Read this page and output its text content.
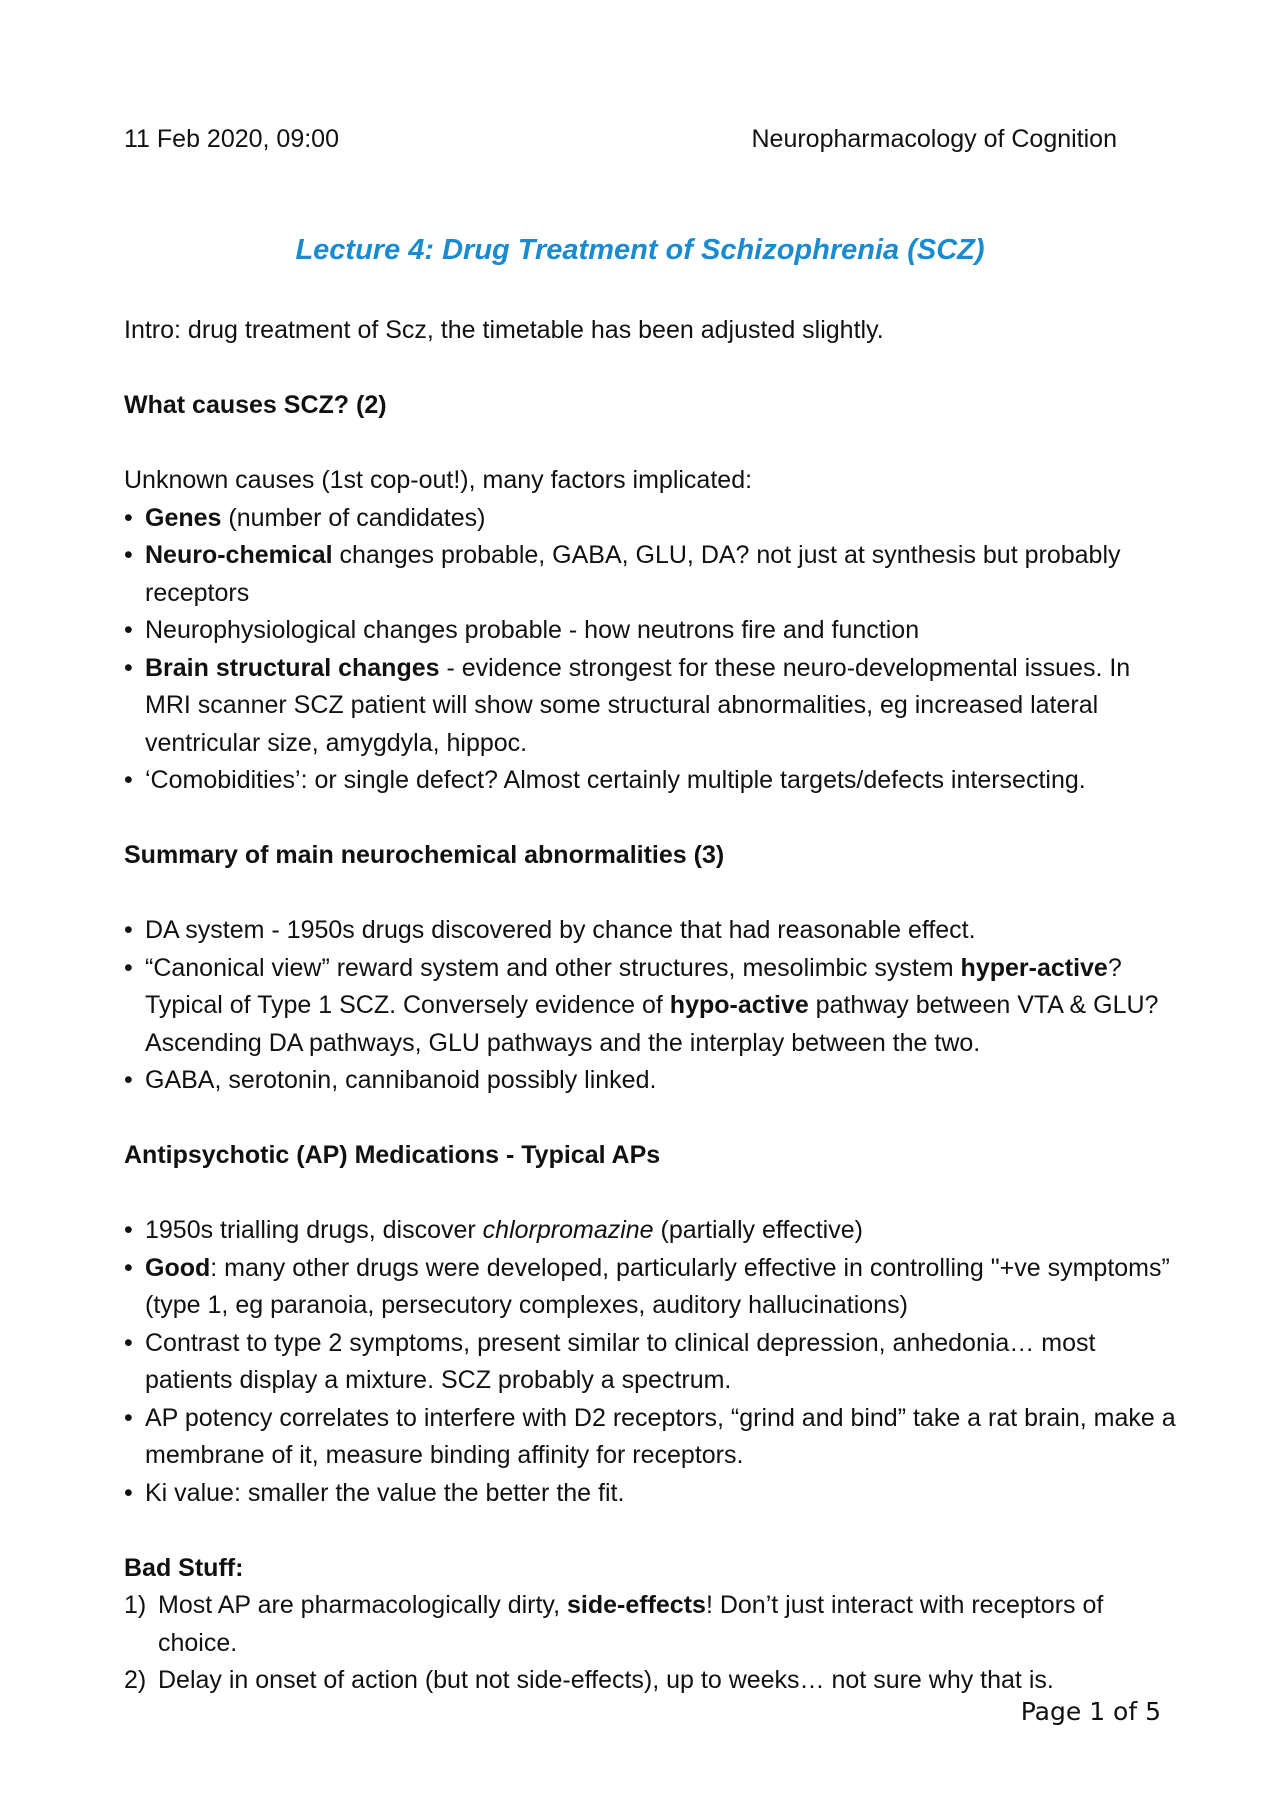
11 Feb 2020, 09:00	Neuropharmacology of Cognition
Lecture 4: Drug Treatment of Schizophrenia (SCZ)

Intro: drug treatment of Scz, the timetable has been adjusted slightly.

What causes SCZ? (2)

Unknown causes (1st cop-out!), many factors implicated:

• Genes (number of candidates)
• Neuro-chemical changes probable, GABA, GLU, DA? not just at synthesis but probably receptors
• Neurophysiological changes probable - how neutrons fire and function
• Brain structural changes - evidence strongest for these neuro-developmental issues. In MRI scanner SCZ patient will show some structural abnormalities, eg increased lateral ventricular size, amygdyla, hippoc.
• ‘Comobidities’: or single defect? Almost certainly multiple targets/defects intersecting.

Summary of main neurochemical abnormalities (3)

• DA system - 1950s drugs discovered by chance that had reasonable effect.
• “Canonical view” reward system and other structures, mesolimbic system hyper-active? Typical of Type 1 SCZ. Conversely evidence of hypo-active pathway between VTA & GLU? Ascending DA pathways, GLU pathways and the interplay between the two.
• GABA, serotonin, cannibanoid possibly linked.

Antipsychotic (AP) Medications - Typical APs

• 1950s trialling drugs, discover chlorpromazine (partially effective)
• Good: many other drugs were developed, particularly effective in controlling "+ve symptoms” (type 1, eg paranoia, persecutory complexes, auditory hallucinations)
• Contrast to type 2 symptoms, present similar to clinical depression, anhedonia… most patients display a mixture. SCZ probably a spectrum.
• AP potency correlates to interfere with D2 receptors, “grind and bind” take a rat brain, make a membrane of it, measure binding affinity for receptors.
• Ki value: smaller the value the better the fit.

Bad Stuff:

1) Most AP are pharmacologically dirty, side-effects! Don’t just interact with receptors of choice.
2) Delay in onset of action (but not side-effects), up to weeks… not sure why that is.
Page 1 of 5
